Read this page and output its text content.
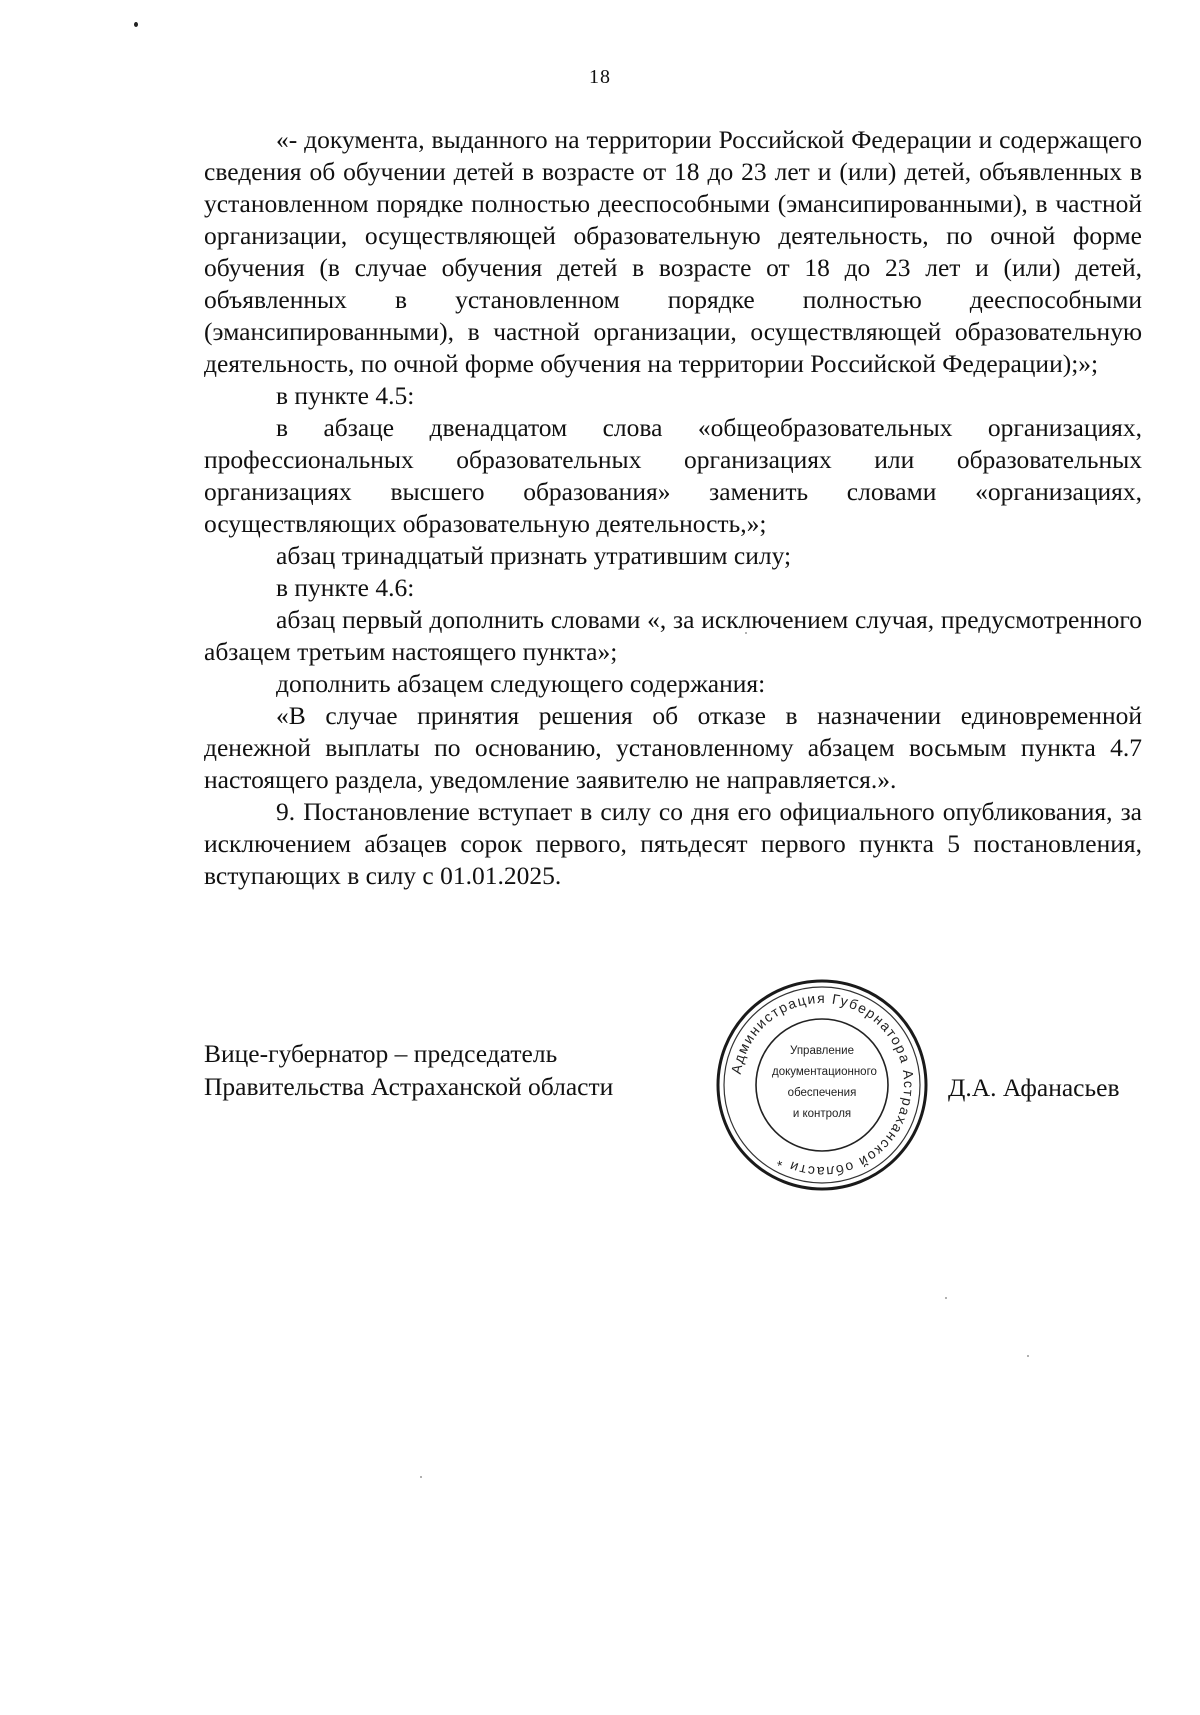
18

«- документа, выданного на территории Российской Федерации и содержащего сведения об обучении детей в возрасте от 18 до 23 лет и (или) детей, объявленных в установленном порядке полностью дееспособными (эмансипированными), в частной организации, осуществляющей образовательную деятельность, по очной форме обучения (в случае обучения детей в возрасте от 18 до 23 лет и (или) детей, объявленных в установленном порядке полностью дееспособными (эмансипированными), в частной организации, осуществляющей образовательную деятельность, по очной форме обучения на территории Российской Федерации);»;

в пункте 4.5:

в абзаце двенадцатом слова «общеобразовательных организациях, профессиональных образовательных организациях или образовательных организациях высшего образования» заменить словами «организациях, осуществляющих образовательную деятельность,»;

абзац тринадцатый признать утратившим силу;

в пункте 4.6:

абзац первый дополнить словами «, за исключением случая, предусмотренного абзацем третьим настоящего пункта»;

дополнить абзацем следующего содержания:

«В случае принятия решения об отказе в назначении единовременной денежной выплаты по основанию, установленному абзацем восьмым пункта 4.7 настоящего раздела, уведомление заявителю не направляется.».

9. Постановление вступает в силу со дня его официального опубликования, за исключением абзацев сорок первого, пятьдесят первого пункта 5 постановления, вступающих в силу с 01.01.2025.

Вице-губернатор – председатель
Правительства Астраханской области
Администрация Губернатора Астраханской области *
Управление
документационного
обеспечения
и контроля
Д.А. Афанасьев
